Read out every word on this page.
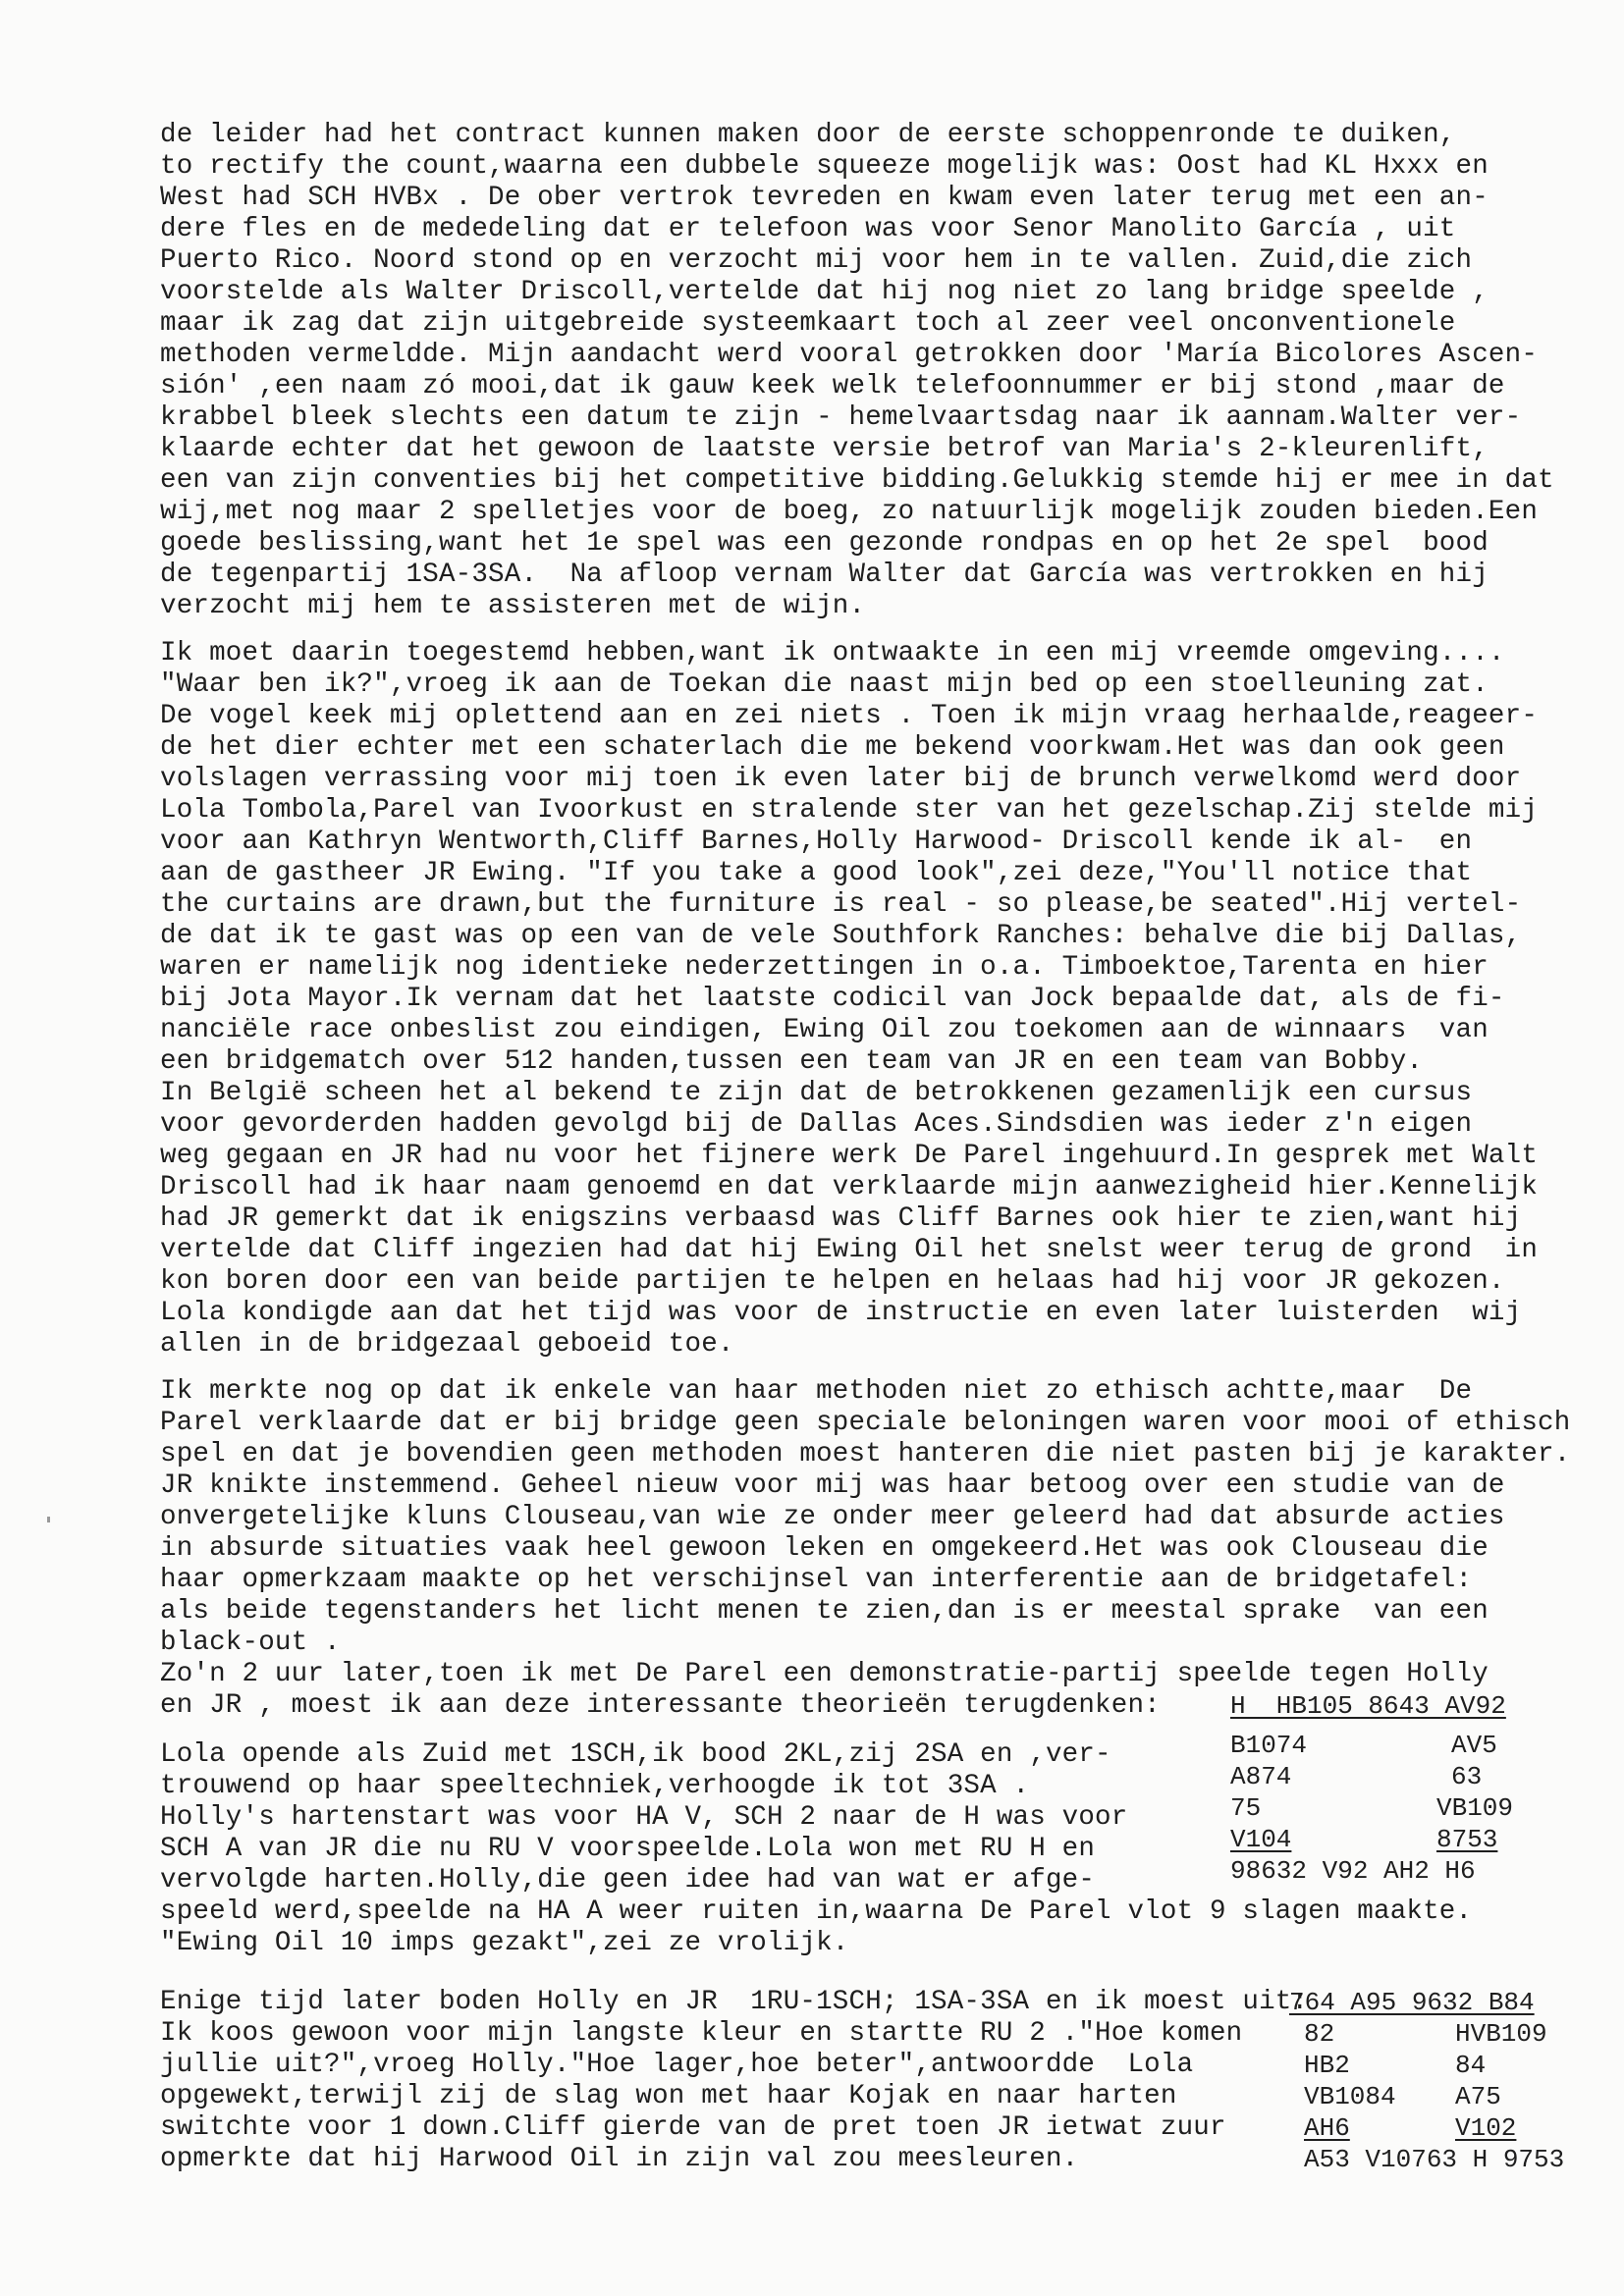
de leider had het contract kunnen maken door de eerste schoppenronde te duiken,
to rectify the count,waarna een dubbele squeeze mogelijk was: Oost had KL Hxxx en
West had SCH HVBx . De ober vertrok tevreden en kwam even later terug met een an-
dere fles en de mededeling dat er telefoon was voor Senor Manolito García , uit
Puerto Rico. Noord stond op en verzocht mij voor hem in te vallen. Zuid,die zich
voorstelde als Walter Driscoll,vertelde dat hij nog niet zo lang bridge speelde ,
maar ik zag dat zijn uitgebreide systeemkaart toch al zeer veel onconventionele
methoden vermeldde. Mijn aandacht werd vooral getrokken door 'María Bicolores Ascen-
sión' ,een naam zó mooi,dat ik gauw keek welk telefoonnummer er bij stond ,maar de
krabbel bleek slechts een datum te zijn - hemelvaartsdag naar ik aannam.Walter ver-
klaarde echter dat het gewoon de laatste versie betrof van Maria's 2-kleurenlift,
een van zijn conventies bij het competitive bidding.Gelukkig stemde hij er mee in dat
wij,met nog maar 2 spelletjes voor de boeg, zo natuurlijk mogelijk zouden bieden.Een
goede beslissing,want het 1e spel was een gezonde rondpas en op het 2e spel  bood
de tegenpartij 1SA-3SA.  Na afloop vernam Walter dat García was vertrokken en hij
verzocht mij hem te assisteren met de wijn.
Ik moet daarin toegestemd hebben,want ik ontwaakte in een mij vreemde omgeving....
"Waar ben ik?",vroeg ik aan de Toekan die naast mijn bed op een stoelleuning zat.
De vogel keek mij oplettend aan en zei niets . Toen ik mijn vraag herhaalde,reageer-
de het dier echter met een schaterlach die me bekend voorkwam.Het was dan ook geen
volslagen verrassing voor mij toen ik even later bij de brunch verwelkomd werd door
Lola Tombola,Parel van Ivoorkust en stralende ster van het gezelschap.Zij stelde mij
voor aan Kathryn Wentworth,Cliff Barnes,Holly Harwood- Driscoll kende ik al-  en
aan de gastheer JR Ewing. "If you take a good look",zei deze,"You'll notice that
the curtains are drawn,but the furniture is real - so please,be seated".Hij vertel-
de dat ik te gast was op een van de vele Southfork Ranches: behalve die bij Dallas,
waren er namelijk nog identieke nederzettingen in o.a. Timboektoe,Tarenta en hier
bij Jota Mayor.Ik vernam dat het laatste codicil van Jock bepaalde dat, als de fi-
nanciële race onbeslist zou eindigen, Ewing Oil zou toekomen aan de winnaars  van
een bridgematch over 512 handen,tussen een team van JR en een team van Bobby.
In België scheen het al bekend te zijn dat de betrokkenen gezamenlijk een cursus
voor gevorderden hadden gevolgd bij de Dallas Aces.Sindsdien was ieder z'n eigen
weg gegaan en JR had nu voor het fijnere werk De Parel ingehuurd.In gesprek met Walt
Driscoll had ik haar naam genoemd en dat verklaarde mijn aanwezigheid hier.Kennelijk
had JR gemerkt dat ik enigszins verbaasd was Cliff Barnes ook hier te zien,want hij
vertelde dat Cliff ingezien had dat hij Ewing Oil het snelst weer terug de grond  in
kon boren door een van beide partijen te helpen en helaas had hij voor JR gekozen.
Lola kondigde aan dat het tijd was voor de instructie en even later luisterden  wij
allen in de bridgezaal geboeid toe.
Ik merkte nog op dat ik enkele van haar methoden niet zo ethisch achtte,maar  De
Parel verklaarde dat er bij bridge geen speciale beloningen waren voor mooi of ethisch
spel en dat je bovendien geen methoden moest hanteren die niet pasten bij je karakter.
JR knikte instemmend. Geheel nieuw voor mij was haar betoog over een studie van de
onvergetelijke kluns Clouseau,van wie ze onder meer geleerd had dat absurde acties
in absurde situaties vaak heel gewoon leken en omgekeerd.Het was ook Clouseau die
haar opmerkzaam maakte op het verschijnsel van interferentie aan de bridgetafel:
als beide tegenstanders het licht menen te zien,dan is er meestal sprake  van een
black-out .
Zo'n 2 uur later,toen ik met De Parel een demonstratie-partij speelde tegen Holly
en JR , moest ik aan deze interessante theorieën terugdenken:	H  HB105 8643 AV92
B1074
A874
75
V104
AV5
63
VB109
8753
98632 V92 AH2 H6
Lola opende als Zuid met 1SCH,ik bood 2KL,zij 2SA en ,ver-
trouwend op haar speeltechniek,verhoogde ik tot 3SA .
Holly's hartenstart was voor HA V, SCH 2 naar de H was voor
SCH A van JR die nu RU V voorspeelde.Lola won met RU H en
vervolgde harten.Holly,die geen idee had van wat er afge-
speeld werd,speelde na HA A weer ruiten in,waarna De Parel vlot 9 slagen maakte.
"Ewing Oil 10 imps gezakt",zei ze vrolijk.
Enige tijd later boden Holly en JR  1RU-1SCH; 1SA-3SA en ik moest uit:
764 A95 9632 B84
Ik koos gewoon voor mijn langste kleur en startte RU 2 ."Hoe komen
jullie uit?",vroeg Holly."Hoe lager,hoe beter",antwoordde  Lola
opgewekt,terwijl zij de slag won met haar Kojak en naar harten
switchte voor 1 down.Cliff gierde van de pret toen JR ietwat zuur
opmerkte dat hij Harwood Oil in zijn val zou meesleuren.
82
HB2
VB1084
AH6
HVB109
84
A75
V102
A53 V10763 H 9753
